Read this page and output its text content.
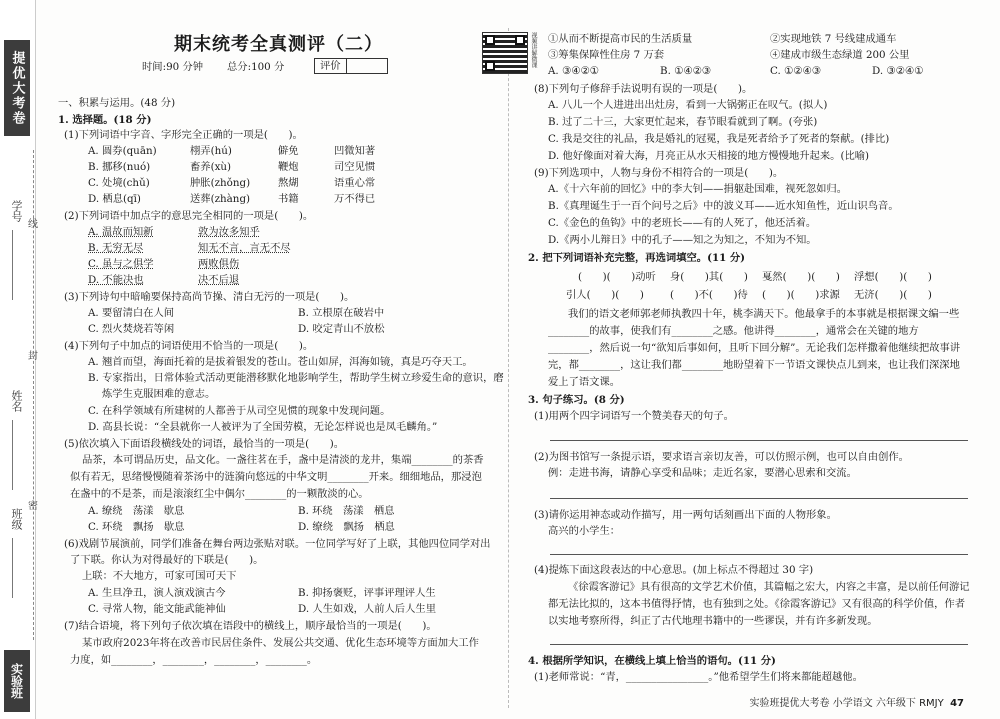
提优大考卷
学号
姓名
班级
实验班
线
封
密
期末统考全真测评（二）
时间:90 分钟 总分:100 分	评价	视频讲解微课
一、积累与运用。(48 分)
1. 选择题。(18 分)
(1)下列词语中字音、字形完全正确的一项是(　　)。
A. 圆券(quān)	栩弄(hú)	僻免	凹微知著
B. 挪移(nuó)	畜养(xù)	鞭炮	司空见惯
C. 处境(chǔ)	肿胀(zhǒng)	熬煳	语重心常
D. 栖息(qī)	送葬(zhàng)	书籍	万不得已
(2)下列词语中加点字的意思完全相同的一项是(　　)。
A. 温故而知新	敦为汝多知乎
B. 无穷无尽	知无不言，言无不尽
C. 虽与之俱学	两败俱伤
D. 不能决也	决不后退
(3)下列诗句中暗喻要保持高尚节操、清白无污的一项是(　　)。
A. 要留清白在人间	B. 立根原在破岩中
C. 烈火焚烧若等闲	D. 咬定青山不放松
(4)下列句子中加点的词语使用不恰当的一项是(　　)。
A. 翘首而望，海面托着的是拔着银发的苍山。苍山如屏，洱海如镜，真是巧夺天工。
B. 专家指出，日常体验式活动更能潜移默化地影响学生，帮助学生树立珍爱生命的意识，磨
炼学生克服困难的意志。
C. 在科学领域有所建树的人都善于从司空见惯的现象中发现问题。
D. 高县长说：“全县就你一人被评为了全国劳模，无论怎样说也是凤毛麟角。”
(5)依次填入下面语段横线处的词语，最恰当的一项是(　　)。
品茶，本可谓品历史，品文化。一盏往茗在手，盏中是清淡的龙井，集端________的茶香
似有若无，思绪慢慢随着茶汤中的涟漪向悠远的中华文明________开来。细细地品，那浸泡
在盏中的不是茶，而是滚滚红尘中偶尔________的一颗散淡的心。
A. 缭绕　荡漾　歇息	B. 环绕　荡漾　栖息
C. 环绕　飘扬　歇息	D. 缭绕　飘扬　栖息
(6)戏剧节展演前，同学们准备在舞台两边张贴对联。一位同学写好了上联，其他四位同学对出
了下联。你认为对得最好的下联是(　　)。
上联：不大地方，可家可国可天下
A. 生旦净丑，演人演戏演古今	B. 抑扬褒贬，评事评理评人生
C. 寻常人物，能文能武能神仙	D. 人生如戏，人前人后人生里
(7)结合语境，将下列句子依次填在语段中的横线上，顺序最恰当的一项是(　　)。
某市政府2023年将在改善市民居住条件、发展公共交通、优化生态环境等方面加大工作
力度，如________，________，________，________。
①从而不断提高市民的生活质量	②实现地铁 7 号线建成通车
③筹集保障性住房 7 万套	④建成市级生态绿道 200 公里
A. ③④②①	B. ①④②③	C. ①②④③	D. ③②④①
(8)下列句子修辞手法说明有误的一项是(　　)。
A. 八儿一个人进进出出灶房，看到一大锅粥正在叹气。(拟人)
B. 过了二十三，大家更忙起来，春节眼看就到了啊。(夸张)
C. 我是交往的礼品，我是婚礼的冠冕，我是死者给予了死者的祭献。(排比)
D. 他好像面对着大海，月亮正从水天相接的地方慢慢地升起来。(比喻)
(9)下列选项中，人物与身份不相符合的一项是(　　)。
A.《十六年前的回忆》中的李大钊——捐躯赴国难，视死忽如归。
B.《真理诞生于一百个问号之后》中的波义耳——近水知鱼性，近山识鸟音。
C.《金色的鱼钩》中的老班长——有的人死了，他还活着。
D.《两小儿辩日》中的孔子——知之为知之，不知为不知。
2. 把下列词语补充完整，再选词填空。(11 分)
(　　)(　　)动听 身(　　)其(　　) 戛然(　　)(　　) 浮想(　　)(　　)
引人(　　)(　　)	(　　)不(　　)待 (　　)(　　)求源 无济(　　)(　　)
我们的语文老师郭老师执教四十年，桃李满天下。他最拿手的本事就是根据课文编一些
________的故事，使我们有________之感。他讲得________，通常会在关键的地方
________，然后说一句“欲知后事如何，且听下回分解”。无论我们怎样撒着他继续把故事讲
完，都________，这让我们都________地盼望着下一节语文课快点儿到来，也让我们深深地
爱上了语文课。
3. 句子练习。(8 分)
(1)用两个四字词语写一个赞美春天的句子。
(2)为图书馆写一条提示语，要求语言亲切友善，可以仿照示例，也可以自由创作。
例：走进书海，请静心享受和品味；走近名家，要潜心思索和交流。
(3)请你运用神态或动作描写，用一两句话刻画出下面的人物形象。
高兴的小学生：
(4)提炼下面这段表达的中心意思。(加上标点不得超过 30 字)
《徐霞客游记》具有很高的文学艺术价值，其篇幅之宏大，内容之丰富，是以前任何游记
都无法比拟的，这本书值得抒情，也有独到之处。《徐霞客游记》又有很高的科学价值，作者
以实地考察所得，纠正了古代地理书籍中的一些谬误，并有许多新发现。
4. 根据所学知识，在横线上填上恰当的语句。(11 分)
(1)老师常说：“青，________________。”他希望学生们将来都能超越他。
实验班提优大考卷 小学语文 六年级下 RMJY 47
